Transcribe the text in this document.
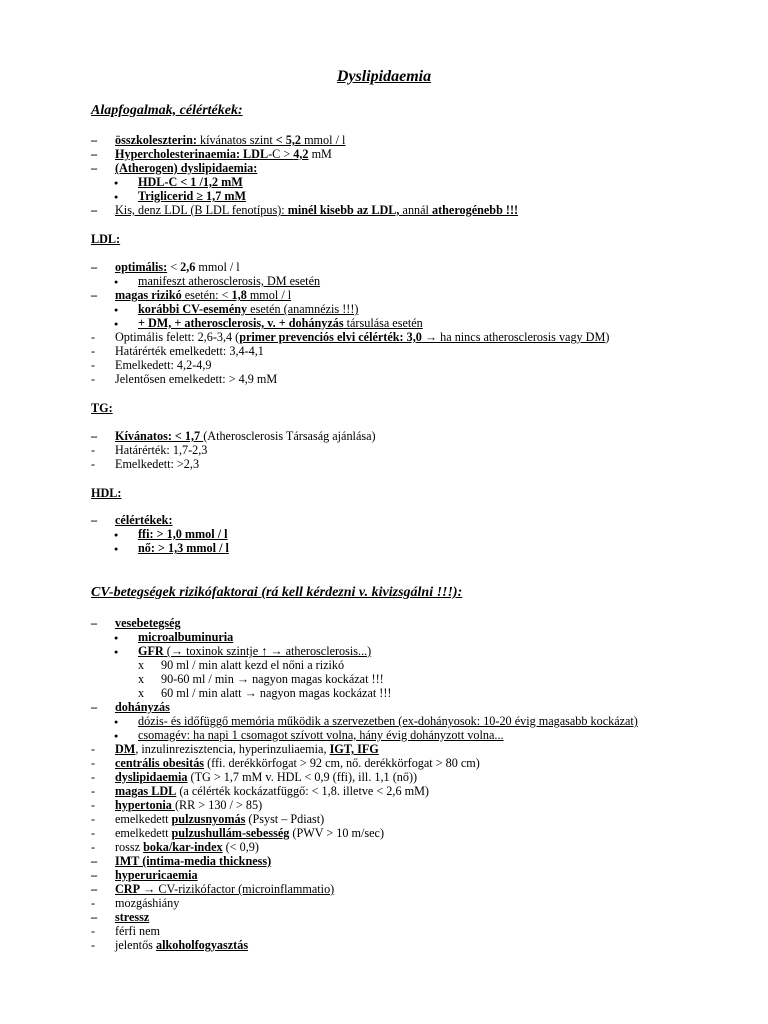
Dyslipidaemia
Alapfogalmak, célértékek:
–
összkoleszterin: kívánatos szint < 5,2 mmol / l
–
Hypercholesterinaemia: LDL-C > 4,2 mM
–
(Atherogen) dyslipidaemia:
●
HDL-C < 1 /1,2 mM
●
Triglicerid ≥ 1,7 mM
–
Kis, denz LDL (B LDL fenotípus): minél kisebb az LDL, annál atherogénebb !!!
LDL:
–
optimális: < 2,6 mmol / l
●
manifeszt atherosclerosis, DM esetén
–
magas rizikó esetén: < 1,8 mmol / l
●
korábbi CV-esemény esetén (anamnézis !!!)
●
+ DM, + atherosclerosis, v. + dohányzás társulása esetén
-
Optimális felett: 2,6-3,4 (primer prevenciós elvi célérték: 3,0 → ha nincs atherosclerosis vagy DM)
-
Határérték emelkedett: 3,4-4,1
-
Emelkedett: 4,2-4,9
-
Jelentősen emelkedett: > 4,9 mM
TG:
–
Kívánatos: < 1,7 (Atherosclerosis Társaság ajánlása)
-
Határérték: 1,7-2,3
-
Emelkedett: >2,3
HDL:
–
célértékek:
●
ffi: > 1,0 mmol / l
●
nő: > 1,3 mmol / l
CV-betegségek rizikófaktorai (rá kell kérdezni v. kivizsgálni !!!):
–
vesebetegség
●
microalbuminuria
●
GFR (→ toxinok szintje ↑ → atherosclerosis...)
x	90 ml / min alatt kezd el nőni a rizikó
x	90-60 ml / min → nagyon magas kockázat !!!
x	60 ml / min alatt → nagyon magas kockázat !!!
–
dohányzás
●
dózis- és időfüggő memória működik a szervezetben (ex-dohányosok: 10-20 évig magasabb kockázat)
●
csomagév: ha napi 1 csomagot szívott volna, hány évig dohányzott volna...
-
DM, inzulinrezisztencia, hyperinzuliaemia, IGT, IFG
-
centrális obesitás (ffi. derékkörfogat > 92 cm, nő. derékkörfogat > 80 cm)
-
dyslipidaemia (TG > 1,7 mM v. HDL < 0,9 (ffi), ill. 1,1 (nő))
-
magas LDL (a célérték kockázatfüggő: < 1,8. illetve < 2,6 mM)
-
hypertonia (RR > 130 / > 85)
-
emelkedett pulzusnyomás (Psyst – Pdiast)
-
emelkedett pulzushullám-sebesség (PWV > 10 m/sec)
-
rossz boka/kar-index (< 0,9)
–
IMT (intima-media thickness)
–
hyperuricaemia
–
CRP → CV-rizikófactor (microinflammatio)
-
mozgáshiány
–
stressz
-
férfi nem
-
jelentős alkoholfogyasztás
